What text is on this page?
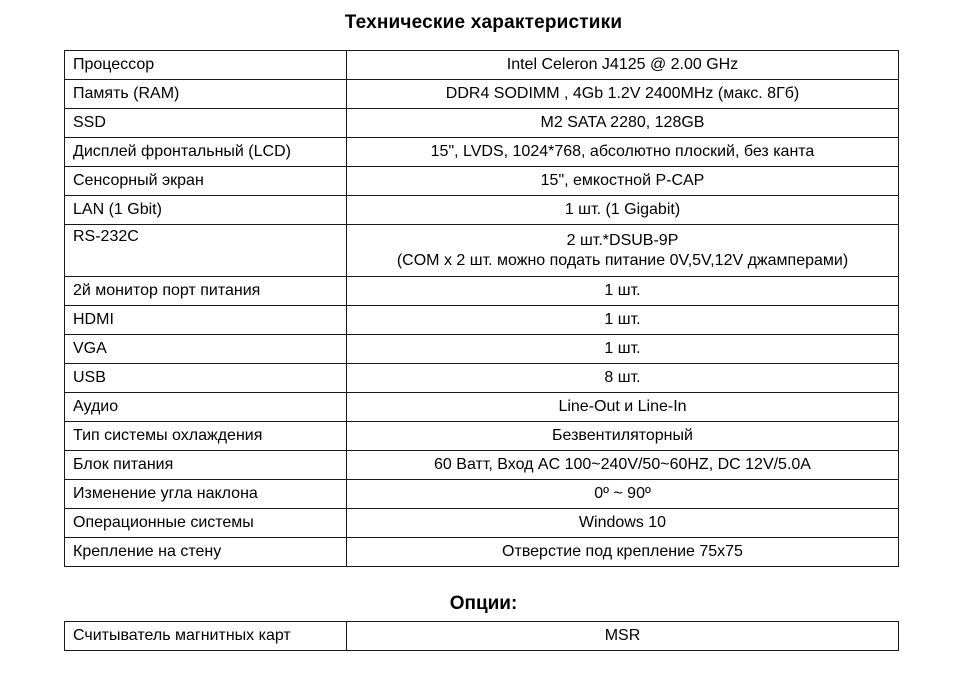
Технические характеристики
Процессор	Intel Celeron J4125 @ 2.00 GHz

Память (RAM)	DDR4 SODIMM , 4Gb 1.2V 2400MHz (макс. 8Гб)

SSD	M2 SATA 2280, 128GB

Дисплей фронтальный (LCD)	15", LVDS, 1024*768, абсолютно плоский, без канта

Сенсорный экран	15", емкостной P-CAP

LAN (1 Gbit)	1 шт. (1 Gigabit)

RS-232C	2 шт.*DSUB-9P
(COM x 2 шт. можно подать питание 0V,5V,12V джамперами)

2й монитор порт питания	1 шт.

HDMI	1 шт.

VGA	1 шт.

USB	8 шт.

Аудио	Line-Out и Line-In

Тип системы охлаждения	Безвентиляторный

Блок питания	60 Ватт, Вход AC 100~240V/50~60HZ, DC 12V/5.0A

Изменение угла наклона	0º ~ 90º

Операционные системы	Windows 10

Крепление на стену	Отверстие под крепление 75x75
Опции:
Считыватель магнитных карт	MSR
